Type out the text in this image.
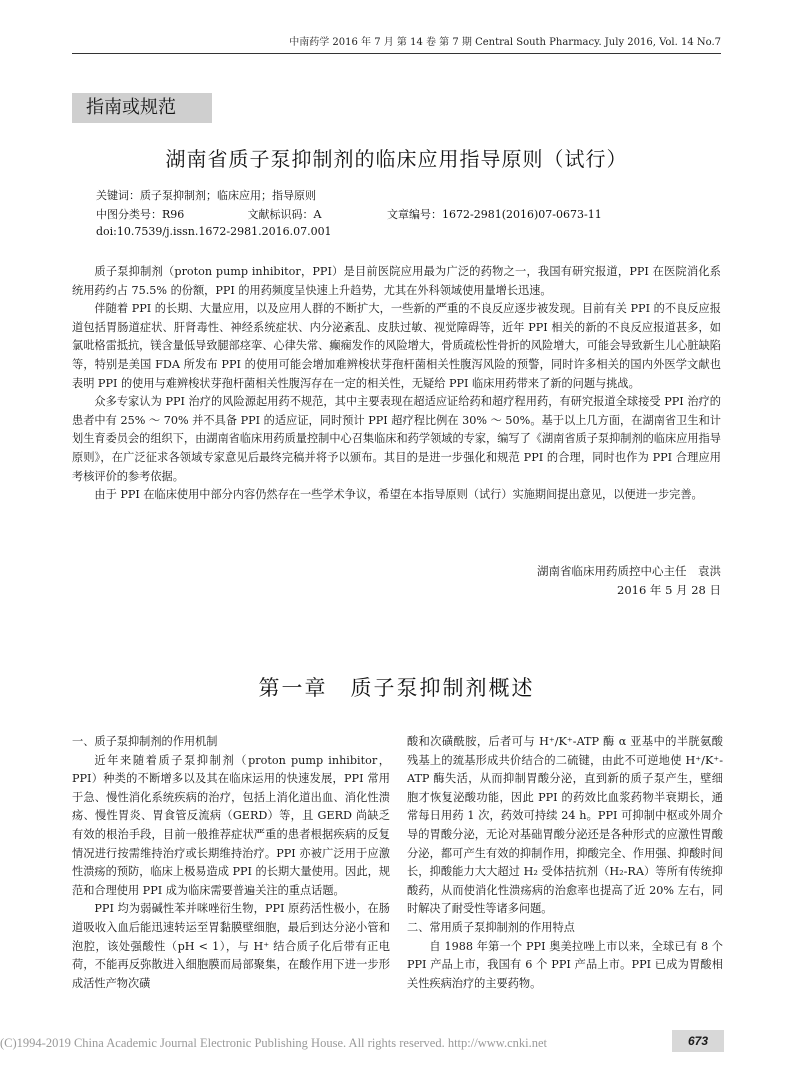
中南药学 2016 年 7 月 第 14 卷 第 7 期 Central South Pharmacy. July 2016, Vol. 14 No.7
指南或规范
湖南省质子泵抑制剂的临床应用指导原则（试行）
关键词：质子泵抑制剂；临床应用；指导原则
中图分类号：R96	文献标识码：A	文章编号：1672-2981(2016)07-0673-11
doi:10.7539/j.issn.1672-2981.2016.07.001

质子泵抑制剂（proton pump inhibitor，PPI）是目前医院应用最为广泛的药物之一，我国有研究报道，PPI 在医院消化系统用药约占 75.5% 的份额，PPI 的用药频度呈快速上升趋势，尤其在外科领域使用量增长迅速。

伴随着 PPI 的长期、大量应用，以及应用人群的不断扩大，一些新的严重的不良反应逐步被发现。目前有关 PPI 的不良反应报道包括胃肠道症状、肝肾毒性、神经系统症状、内分泌紊乱、皮肤过敏、视觉障碍等，近年 PPI 相关的新的不良反应报道甚多，如氯吡格雷抵抗，镁含量低导致腿部痉挛、心律失常、癫痫发作的风险增大，骨质疏松性骨折的风险增大，可能会导致新生儿心脏缺陷等，特别是美国 FDA 所发布 PPI 的使用可能会增加难辨梭状芽孢杆菌相关性腹泻风险的预警，同时许多相关的国内外医学文献也表明 PPI 的使用与难辨梭状芽孢杆菌相关性腹泻存在一定的相关性，无疑给 PPI 临床用药带来了新的问题与挑战。

众多专家认为 PPI 治疗的风险源起用药不规范，其中主要表现在超适应证给药和超疗程用药，有研究报道全球接受 PPI 治疗的患者中有 25% ～ 70% 并不具备 PPI 的适应证，同时预计 PPI 超疗程比例在 30% ～ 50%。基于以上几方面，在湖南省卫生和计划生育委员会的组织下，由湖南省临床用药质量控制中心召集临床和药学领域的专家，编写了《湖南省质子泵抑制剂的临床应用指导原则》，在广泛征求各领域专家意见后最终完稿并将予以颁布。其目的是进一步强化和规范 PPI 的合理，同时也作为 PPI 合理应用考核评价的参考依据。

由于 PPI 在临床使用中部分内容仍然存在一些学术争议，希望在本指导原则（试行）实施期间提出意见，以便进一步完善。

湖南省临床用药质控中心主任　袁洪
2016 年 5 月 28 日
第一章　质子泵抑制剂概述

一、质子泵抑制剂的作用机制

近年来随着质子泵抑制剂（proton pump inhibitor，PPI）种类的不断增多以及其在临床运用的快速发展，PPI 常用于急、慢性消化系统疾病的治疗，包括上消化道出血、消化性溃疡、慢性胃炎、胃食管反流病（GERD）等，且 GERD 尚缺乏有效的根治手段，目前一般推荐症状严重的患者根据疾病的反复情况进行按需维持治疗或长期维持治疗。PPI 亦被广泛用于应激性溃疡的预防，临床上极易造成 PPI 的长期大量使用。因此，规范和合理使用 PPI 成为临床需要普遍关注的重点话题。

PPI 均为弱碱性苯并咪唑衍生物，PPI 原药活性极小，在肠道吸收入血后能迅速转运至胃黏膜壁细胞，最后到达分泌小管和泡腔，该处强酸性（pH < 1），与 H⁺ 结合质子化后带有正电荷，不能再反弥散进入细胞膜而局部聚集，在酸作用下进一步形成活性产物次磺

酸和次磺酰胺，后者可与 H⁺/K⁺-ATP 酶 α 亚基中的半胱氨酸残基上的巯基形成共价结合的二硫键，由此不可逆地使 H⁺/K⁺-ATP 酶失活，从而抑制胃酸分泌，直到新的质子泵产生，壁细胞才恢复泌酸功能，因此 PPI 的药效比血浆药物半衰期长，通常每日用药 1 次，药效可持续 24 h。PPI 可抑制中枢或外周介导的胃酸分泌，无论对基础胃酸分泌还是各种形式的应激性胃酸分泌，都可产生有效的抑制作用，抑酸完全、作用强、抑酸时间长，抑酸能力大大超过 H₂ 受体拮抗剂（H₂-RA）等所有传统抑酸药，从而使消化性溃疡病的治愈率也提高了近 20% 左右，同时解决了耐受性等诸多问题。

二、常用质子泵抑制剂的作用特点

自 1988 年第一个 PPI 奥美拉唑上市以来，全球已有 8 个 PPI 产品上市，我国有 6 个 PPI 产品上市。PPI 已成为胃酸相关性疾病治疗的主要药物。

(C)1994-2019 China Academic Journal Electronic Publishing House. All rights reserved. http://www.cnki.net	673
